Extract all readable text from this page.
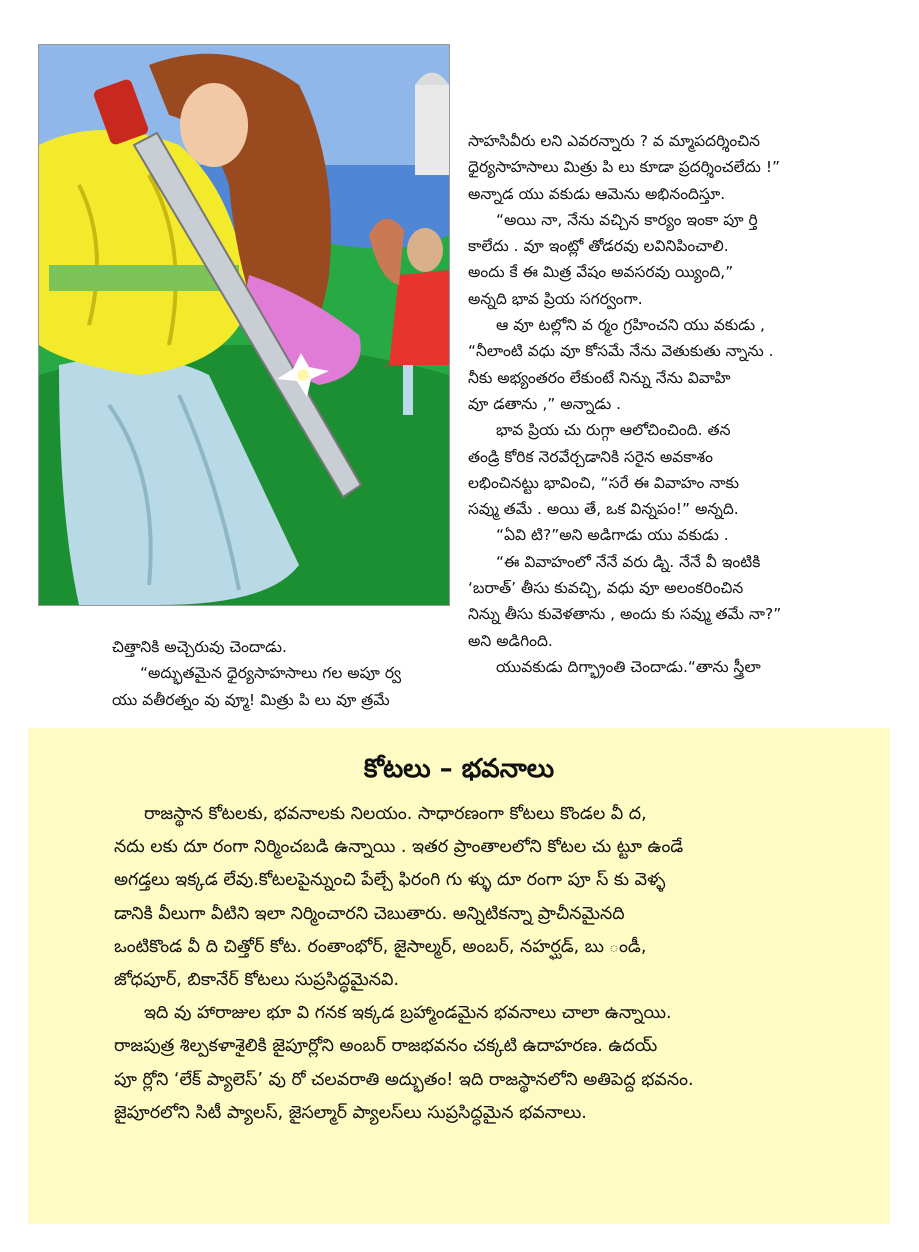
సాహసివీరు లని ఎవరన్నారు ? వ మ్మాపదర్శించిన

ధైర్యసాహసాలు మిత్రు పి లు కూడా ప్రదర్శించలేదు !”

అన్నాడ యు వకుడు ఆమెను అభినందిస్తూ.

“అయి నా, నేను వచ్చిన కార్యం ఇంకా పూ ర్తి

కాలేదు . వూ ఇంట్లో తోడరవు లవినిపించాలి.

అందు కే ఈ మిత్ర వేషం అవసరవు య్యింది,”

అన్నది భావ ప్రియ సగర్వంగా.

ఆ వూ టల్లోని వ ర్మం గ్రహించని యు వకుడు ,

“నీలాంటి వధు వూ కోసమే నేను వెతుకుతు న్నాను .

నీకు అభ్యంతరం లేకుంటే నిన్ను నేను వివాహి

వూ డతాను ,” అన్నాడు .

భావ ప్రియ చు రుగ్గా ఆలోచించింది. తన

తండ్రి కోరిక నెరవేర్చడానికి సరైన అవకాశం

లభించినట్టు భావించి, “సరే ఈ వివాహం నాకు

సవ్ము తమే . అయి తే, ఒక విన్నపం!” అన్నది.

“ఏవి టి?”అని అడిగాడు యు వకుడు .

“ఈ వివాహంలో నేనే వరు డ్ని. నేనే వీ ఇంటికి

‘బరాత్’ తీసు కువచ్చి, వధు వూ అలంకరించిన

నిన్ను తీసు కువెళతాను , అందు కు సవ్ము తమే నా?”

అని అడిగింది.

యువకుడు దిగ్భ్రాంతి చెందాడు.“తాను స్త్రీలా

చిత్తానికి అచ్చెరువు చెందాడు.

“అద్భుతమైన ధైర్యసాహసాలు గల అపూ ర్వ

యు వతీరత్నం వు వ్మూ! మిత్రు పి లు వూ త్రమే

కోటలు – భవనాలు

రాజస్థాన కోటలకు, భవనాలకు నిలయం. సాధారణంగా కోటలు కొండల వీ ద,

నదు లకు దూ రంగా నిర్మించబడి ఉన్నాయి . ఇతర ప్రాంతాలలోని కోటల చు ట్టూ ఉండే

అగడ్తలు ఇక్కడ లేవు.కోటలపైన్నుంచి పేల్చే ఫిరంగి గు ళ్ళు దూ రంగా పూ స్ కు వెళ్ళ

డానికి వీలుగా వీటిని ఇలా నిర్మించారని చెబుతారు. అన్నిటికన్నా ప్రాచీనమైనది

ఒంటికొండ వీ ది చిత్తోర్ కోట. రంతాంభోర్, జైసాల్మర్, అంబర్, నహర్ఘడ్, బు ండీ,

జోధపూర్, బికానేర్ కోటలు సుప్రసిద్ధమైనవి.

ఇది వు హారాజుల భూ వి గనక ఇక్కడ బ్రహ్మాండమైన భవనాలు చాలా ఉన్నాయి.

రాజపుత్ర శిల్పకళాశైలికి జైపూర్లోని అంబర్ రాజభవనం చక్కటి ఉదాహరణ. ఉదయ్

పూ ర్లోని ‘లేక్ ప్యాలెస్’ వు రో చలవరాతి అద్భుతం! ఇది రాజస్థానలోని అతిపెద్ద భవనం.

జైపూరలోని సిటీ ప్యాలస్, జైసల్మార్ ప్యాలస్‌లు సుప్రసిద్ధమైన భవనాలు.
